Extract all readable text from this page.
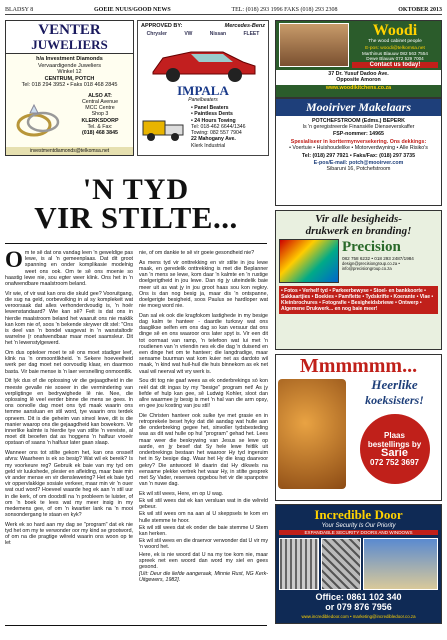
BLADSY 8	GOEIE NUUS/GOOD NEWS	TEL: (018) 293 1996 FAKS (018) 293 2308	OKTOBER 2013
VENTER
JUWELIERS
h/a Investment Diamonds
Vervaardigende Juweliers
Winkel 12
CENTRUM, POTCH
Tel: 018 294 3952 • Faks 018 468 2845
ALSO AT:
Central Avenue
MCC Centre
Shop 3
KLERKSDORP
Tel. & Fax:
(018) 468 3845
investmentdiamonds@telkomsa.net
APPROVED BY:	Mercedes-Benz
Chrysler	VW	Nissan	FLEET
IMPALA
Panelbeaters
• Panel Beaters
• Paintless Dents
• 24 Hours Towing
Tel: 018-462 6644/1346
Towing: 082 557 7904
22 Mahogany Ave.
Klerk Industrial
'N TYD
VIR STILTE...

Om te sê dat ons vandag leen 'n geweldige pas lewe, is al 'n gemeenplaas. Dat dit groot spanning en onder komplikasie modelnig weet ons ook. Om te sê ons moenie so haastig lewe nie, sou egter weer klink. Ons het in 'n onafwendbare maalstroom beland.

Vir wie, of vir wat kan ons die skuld gee? Vooruitgang, die sug na geld, oorbevolking in al sy komplekeit wat veroorsaak dat alles verhonderdvoudig is, 'n hoër lewenstandaard? Wie kan sê? Feit is dat ons in hierdie maalstroom beland het waaruit ons nie maklik kan kom nie of, soos 'n bekende skrywer dit stel: "Ons is deel van 'n bondel vasgevat in 'n wanstaltodir warrelne (r onafwendbaar maar moet saamsleur. Dit het 'n lewenstylgewerd.

Om dus opteloer moet te sê ons moet stadiger leef, klink na 'n onmoontlikheid. 'n Sekere hoeveelheid werk per dag moet net oorvoudig klaar, en daarmoo basta. Vir baie mense is 'n laer versnelling onmoontlik.

Dit lyk dus of die oplossing vir die gejaagdheid in die meeste gevalle nie soseer in die vermindering van verpligtinge en bedrywighede lê nie. Nee, die oplossing lê veel eerder binne die mens se gees. In ons oorvolle dag moet ons tyd maak waarin ons temme aansluan en stil word, tye waarin ons terdek opneem. Dit is die geheim van sinvol lewe, dit is die manier waarop ons die gejaagdheid kan bowekom. Vir innerlike kalmte is hierdie tye van stilte 'n vereiste, al moet dit beoefen dat as ŉoggens 'n halfuur vroeër opstaan of saans 'n halfuur later gaan slaap.

Wanneer ons tot stilte gekom het, kan ons onsself afvra: Waarheen is ek so besig? Wat wil ek bereik? Is my voorkeure reg? Gebruik ek baie van my tyd om geld vir luukshede, plesier en afleiding, maar baie min vir ander mense en vir dienslewering? Het ek baie tyd vir oppervlakkige sosiale verkeer, maar min vir 'n ouer wat oud word? Hoeveel waarde heg ek aan 'n stil uur in die kerk, of om doodstil na 'n probleem te luister, of om 'n boek te lees wat my meer insig in my medemens gee, of om 'n kwartier lank na 'n mooi sonsondergang te staan en kyk?

Werk ek so hard aan my dag se "program" dat ek nie tyd het om my te verwonder oor my kind se grootword, of om na die pragtige wêreld waarin ons woon op te let

nie, of om dankie te sê vir goeie gesondheid nie?

As mens tyd vir onttrekking en vir stilte in jou lewe maak, en geredelik onttrekking is met die Beplanner van 'n mens se lewe, kom daar 'n kalmte en 'n rustige doelgerigtheid in jou lewe. Dan rig jy uiteindelik baie meer uit as wat jy in jou groot haas sou kon regkry. Ons is dan nog besig ja, maar dis 'n ontspanne, doelgerigte besigheid, soos Paulus se hardloper wat nie moeg word nie.

Dan sal ek ook die kragfokom lastighede in my besige dag kalm te hanteer - daardie turksvy wat ons daaglikse selfen em ons dag so kan versuur dat ons dinge sê en ons waaroor ons later spyt is. Vir een dit tot oormaat van ramp, 'n telefoon wat lui met 'n roudienen van 'n vriendin nes ek die dag 'n duisend en een dinge het om te hanteer; die langdradige, maar sensame buurman wat kom kuier net as dardoto wil maak, 'n kind wat huil-huil die huis binnekom as ek net vaal wil neerval wit vry werk is.

Sou dit tog nie gaaf wees as ek onderbrekings só kon reël dat dit ingas by my "besige" program net! As jy liefde ef hulp kan gee, sê Ludwig Kohler, sloot dan allre waarmee jy besig is met 'n hal van die arm opsy, en gee jou kosting van jou stil!

Die Christen hanteer ook sulke tye met grasie en in retroprekele beset hyky dat dié aandag wat hulle aan die onderbreking gegee het, sinvoller tydsbesteding was as dit wat hulle op hul "program" gehad het. Lees maar weer die beskrywing van Jesus se lewe op aarde, en jy besef dat Sy hele lewe feitlik uit onderbrekings bestaan het waaroor Hy tyd ingeruim het in Sy besige dag. Waar het Hy die krag daarvoor gekry? Die antwoord lê daarin dat Hy dikwels na eensame plekke vertrek het waar Hy, in stilte gesprek met Sy Vader, reserwes opgebou het vir die spanpotre van 'n nuwe dag.

Ek wil stil wees, Here, en op U wag.

Ek wil stil wees dat ek kan versluan wat in die wêreld gebeur.

Ek wil stil wees om na aan al U skeppsels te kom en hulle stemme te hoor.

Ek wil stil wees dat ek onder die baie stemme U Stem kan herken.

Ek wil stil wees en die draervor verwonder dat U vir my 'n woord het.

Here, ek is nie woord dat U na my toe kom nie, maar spreek net een woord dan word my siel en gees gesond.

[Uit: Deur die liefde aangeraak, Minnie Rust, NG Kerk-Uitgewers, 1982].

Woodi
The wood cabinet people
E-pos: woodi@telkomsa.net
Marthinus Blauuw 082 563 7554
Dewe Blauuw 072 529 7004
Contact us today!
37 Dr. Yusuf Dadoo Ave.
Opposite Amoron
www.woodikitchens.co.za
Mooiriver Makelaars
POTCHEFSTROOM (Edms.) BEPERK
Is 'n geregistreerde Finansiële Dienseverskaffer
FSP-nommer: 14965
Spesialiseer in korttermynversekering. Ons dekkings:
• Voertuie • Huishoudelike • Motorverdwyning • Alle Risiko's
Tel: (018) 297 7921 • Faks/Fax: (018) 297 3735
E-pos/E-mail: potch@mooirver.com
Sibaruni 16, Potchefstroom
Vir alle besigheids-
drukwerk en branding!
Precision
082 758 6232 • 018 293 2487/1984
design@precisiongroup.co.za • info@precisiongroup.co.za
• Fotos • Verhelf tyd • Parkeerbewyse • Stoel- en bankkoorte • Sakkaartjies • Boekies • Pamflette • Tydskrifte • Koerante • Vlae • Kleinbrochures • Fotografie • Besigheidsbriewe • Ontwerp • Algemene Drukwerk... en nog baie meer!
Mmmmmm...
Heerlike
koeksisters!
Plaas
bestellings by
Sarie
072 752 3697
Incredible Door
Your Security Is Our Priority
EXPANDABLE SECURITY DOORS AND WINDOWS
Office: 0861 102 340
or 079 876 7956
www.incredibledoor.com • marketing@incredibledoor.co.za
